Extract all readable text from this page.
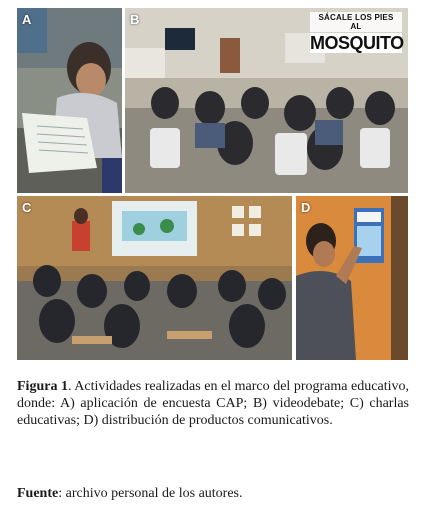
A	B	SÁCALE LOS PIES AL
MOSQUITO
C	D
Figura 1. Actividades realizadas en el marco del programa educativo, donde: A) aplicación de encuesta CAP; B) videodebate; C) charlas educativas; D) distribución de productos comunicativos.
Fuente: archivo personal de los autores.
